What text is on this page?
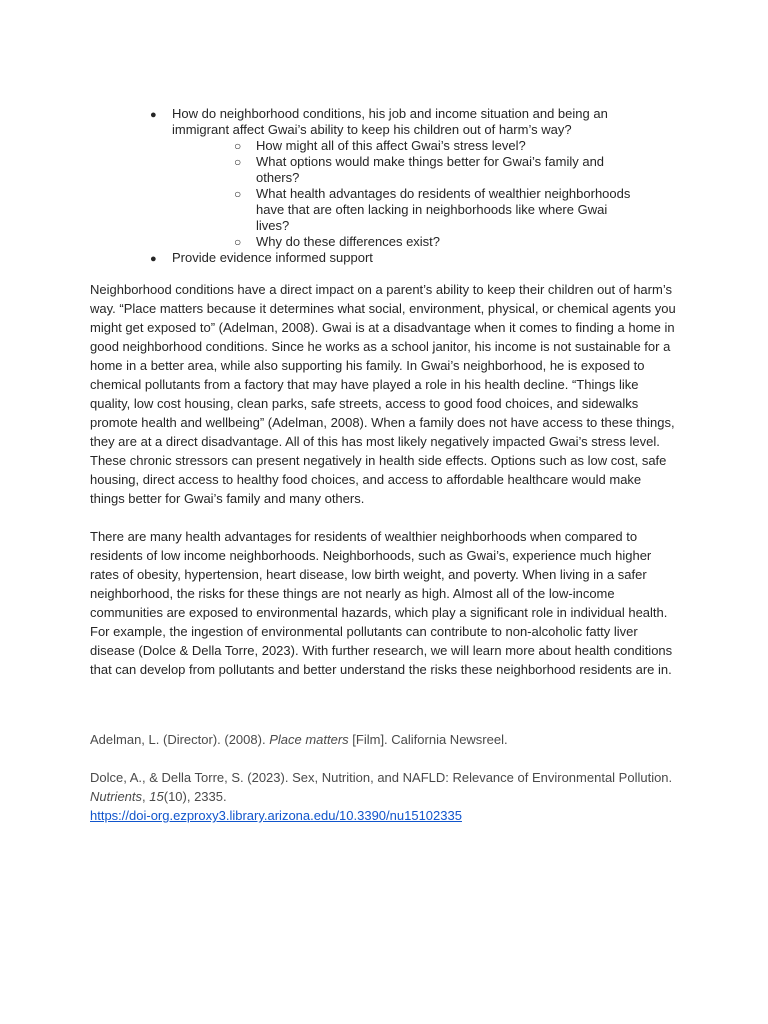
● How do neighborhood conditions, his job and income situation and being an immigrant affect Gwai’s ability to keep his children out of harm’s way?
○ How might all of this affect Gwai’s stress level?
○ What options would make things better for Gwai’s family and others?
○ What health advantages do residents of wealthier neighborhoods have that are often lacking in neighborhoods like where Gwai lives?
○ Why do these differences exist?
● Provide evidence informed support

Neighborhood conditions have a direct impact on a parent’s ability to keep their children out of harm’s way. “Place matters because it determines what social, environment, physical, or chemical agents you might get exposed to” (Adelman, 2008). Gwai is at a disadvantage when it comes to finding a home in good neighborhood conditions. Since he works as a school janitor, his income is not sustainable for a home in a better area, while also supporting his family. In Gwai’s neighborhood, he is exposed to chemical pollutants from a factory that may have played a role in his health decline. “Things like quality, low cost housing, clean parks, safe streets, access to good food choices, and sidewalks promote health and wellbeing” (Adelman, 2008). When a family does not have access to these things, they are at a direct disadvantage. All of this has most likely negatively impacted Gwai’s stress level. These chronic stressors can present negatively in health side effects. Options such as low cost, safe housing, direct access to healthy food choices, and access to affordable healthcare would make things better for Gwai’s family and many others.

There are many health advantages for residents of wealthier neighborhoods when compared to residents of low income neighborhoods. Neighborhoods, such as Gwai’s, experience much higher rates of obesity, hypertension, heart disease, low birth weight, and poverty. When living in a safer neighborhood, the risks for these things are not nearly as high. Almost all of the low-income communities are exposed to environmental hazards, which play a significant role in individual health. For example, the ingestion of environmental pollutants can contribute to non-alcoholic fatty liver disease (Dolce & Della Torre, 2023). With further research, we will learn more about health conditions that can develop from pollutants and better understand the risks these neighborhood residents are in.

Adelman, L. (Director). (2008). Place matters [Film]. California Newsreel.

Dolce, A., & Della Torre, S. (2023). Sex, Nutrition, and NAFLD: Relevance of Environmental Pollution. Nutrients, 15(10), 2335.
https://doi-org.ezproxy3.library.arizona.edu/10.3390/nu15102335
